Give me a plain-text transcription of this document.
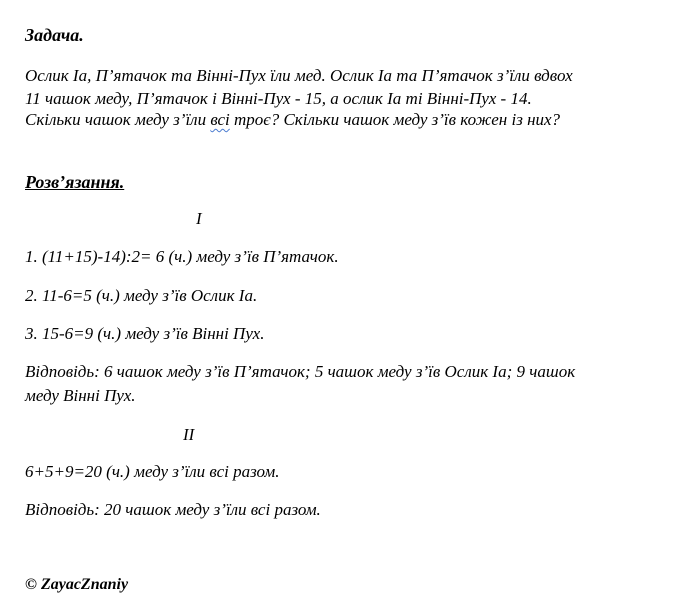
Задача.
Ослик Іа, П’ятачок та Вінні-Пух їли мед. Ослик Іа та П’ятачок з’їли вдвох
11 чашок меду, П’ятачок і Вінні-Пух - 15, а ослик Іа ті Вінні-Пух - 14.
Скільки чашок меду з’їли всі троє? Скільки чашок меду з’їв кожен із них?
Розв’язання.
І
1. (11+15)-14):2= 6 (ч.) меду з’їв П’ятачок.
2. 11-6=5 (ч.) меду з’їв Ослик Іа.
3. 15-6=9 (ч.) меду з’їв Вінні Пух.
Відповідь: 6 чашок меду з’їв П’ятачок; 5 чашок меду з’їв Ослик Іа; 9 чашок
меду Вінні Пух.
ІІ
6+5+9=20 (ч.) меду з’їли всі разом.
Відповідь: 20 чашок меду з’їли всі разом.
© ZayacZnaniy
